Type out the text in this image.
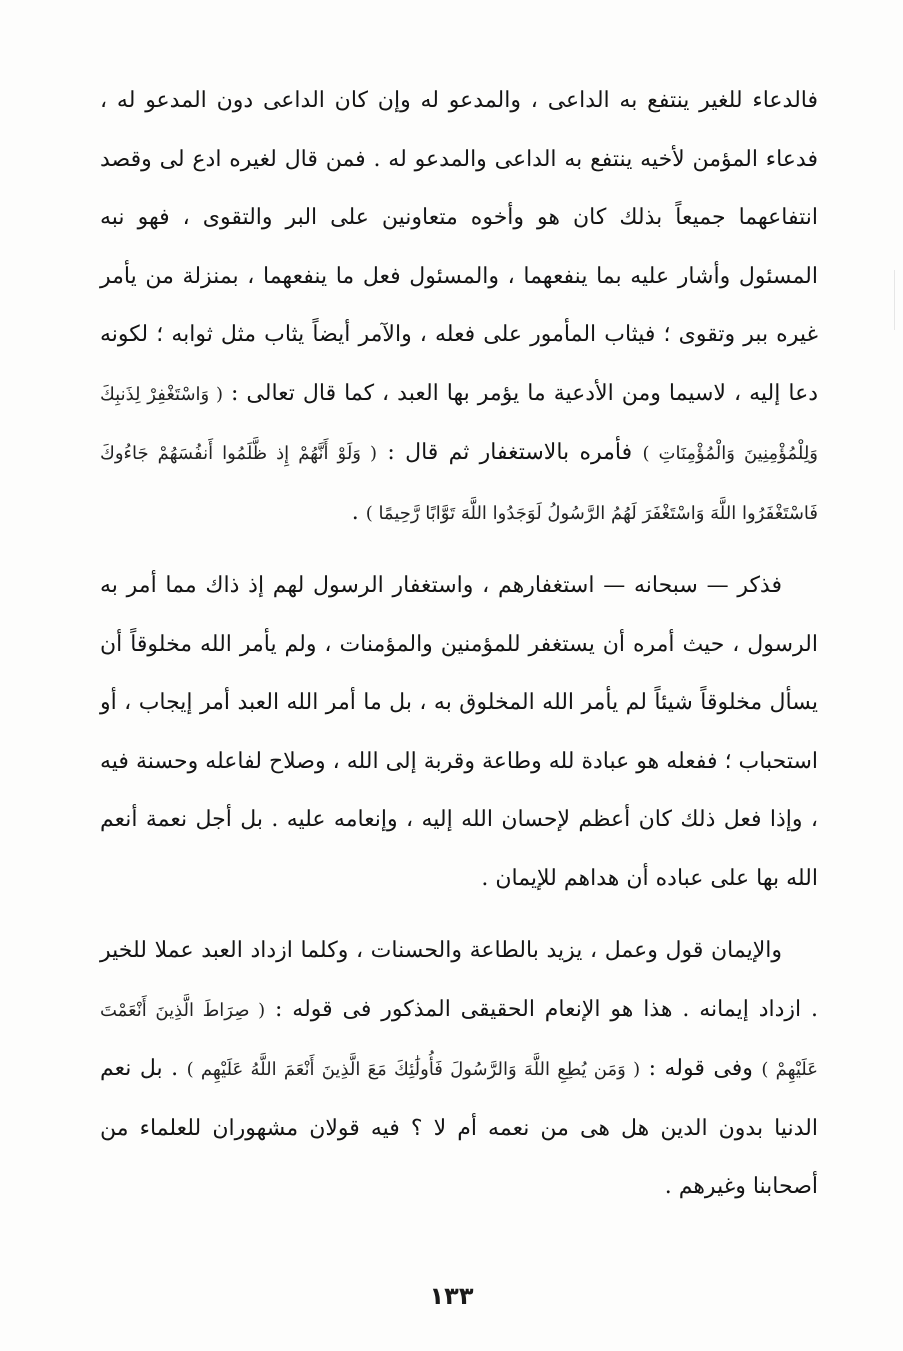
فالدعاء للغير ينتفع به الداعى ، والمدعو له وإن كان الداعى دون المدعو له ، فدعاء المؤمن لأخيه ينتفع به الداعى والمدعو له . فمن قال لغيره ادع لى وقصد انتفاعهما جميعاً بذلك كان هو وأخوه متعاونين على البر والتقوى ، فهو نبه المسئول وأشار عليه بما ينفعهما ، والمسئول فعل ما ينفعهما ، بمنزلة من يأمر غيره ببر وتقوى ؛ فيثاب المأمور على فعله ، والآمر أيضاً يثاب مثل ثوابه ؛ لكونه دعا إليه ، لاسيما ومن الأدعية ما يؤمر بها العبد ، كما قال تعالى : ( وَاسْتَغْفِرْ لِذَنبِكَ وَلِلْمُؤْمِنِينَ وَالْمُؤْمِنَاتِ ) فأمره بالاستغفار ثم قال : ( وَلَوْ أَنَّهُمْ إِذ ظَّلَمُوا أَنفُسَهُمْ جَاءُوكَ فَاسْتَغْفَرُوا اللَّهَ وَاسْتَغْفَرَ لَهُمُ الرَّسُولُ لَوَجَدُوا اللَّهَ تَوَّابًا رَّحِيمًا ) .

فذكر — سبحانه — استغفارهم ، واستغفار الرسول لهم إذ ذاك مما أمر به الرسول ، حيث أمره أن يستغفر للمؤمنين والمؤمنات ، ولم يأمر الله مخلوقاً أن يسأل مخلوقاً شيئاً لم يأمر الله المخلوق به ، بل ما أمر الله العبد أمر إيجاب ، أو استحباب ؛ ففعله هو عبادة لله وطاعة وقربة إلى الله ، وصلاح لفاعله وحسنة فيه ، وإذا فعل ذلك كان أعظم لإحسان الله إليه ، وإنعامه عليه . بل أجل نعمة أنعم الله بها على عباده أن هداهم للإيمان .

والإيمان قول وعمل ، يزيد بالطاعة والحسنات ، وكلما ازداد العبد عملا للخير . ازداد إيمانه . هذا هو الإنعام الحقيقى المذكور فى قوله : ( صِرَاطَ الَّذِينَ أَنْعَمْتَ عَلَيْهِمْ ) وفى قوله : ( وَمَن يُطِعِ اللَّهَ وَالرَّسُولَ فَأُولَٰئِكَ مَعَ الَّذِينَ أَنْعَمَ اللَّهُ عَلَيْهِم ) . بل نعم الدنيا بدون الدين هل هى من نعمه أم لا ؟ فيه قولان مشهوران للعلماء من أصحابنا وغيرهم .

١٣٣
